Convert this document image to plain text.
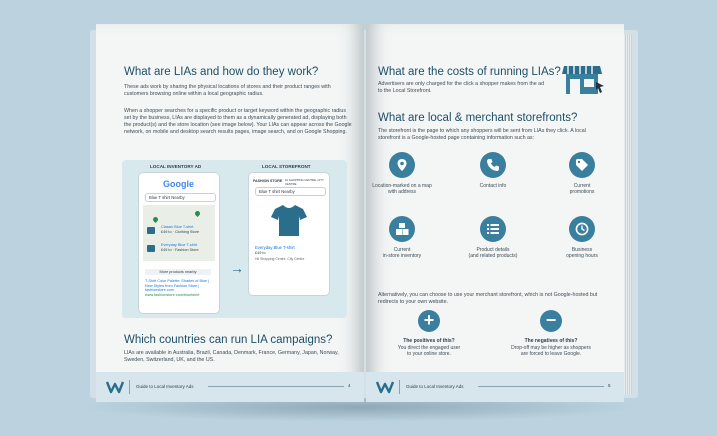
What are LIAs and how do they work?

These ads work by sharing the physical locations of stores and their product ranges with customers browsing online within a local geographic radius.

When a shopper searches for a specific product or target keyword within the geographic radius set by the business, LIAs are displayed to them as a dynamically generated ad, displaying both the product(s) and the store location (see image below). Your LIAs can appear across the Google network, on mobile and desktop search results pages, image search, and on Google Shopping.

LOCAL INVENTORY AD	LOCAL STOREFRONT
Google
Blue T shirt Nearby
Classic Blue T-shirt
£49 to · Clothing Store
Everyday Blue T-shirt
£49 to · Fashion Store
More products nearby
T-Shirt Color Palette: Shades of Blue | New Styles from Fashion Store | fashionstore.com
www.fashionstore.com/bluetshirt
→
FASHION STORE 10 SHOPPING CENTRE, CITY CENTRE
Blue T shirt Nearby
Everyday Blue T-shirt
£49 to
Hit Shopping Centre, City Centre
Which countries can run LIA campaigns?

LIAs are available in Australia, Brazil, Canada, Denmark, France, Germany, Japan, Norway, Sweden, Switzerland, UK, and the US.

Guide to Local Inventory Ads	4
What are the costs of running LIAs?

Advertisers are only charged for the click a shopper makes from the ad to the Local Storefront.

What are local & merchant storefronts?

The storefront is the page to which any shoppers will be sent from LIAs they click. A local storefront is a Google-hosted page containing information such as:

Location-marked on a map

with address

Contact info	Current

promotions

Current

in-store inventory

Product details

(and related products)

Business

opening hours

Alternatively, you can choose to use your merchant storefront, which is not Google-hosted but redirects to your own website.

+
The positives of this?

You direct the engaged user

to your online store.

−
The negatives of this?

Drop-off may be higher as shoppers

are forced to leave Google.

Guide to Local Inventory Ads	5
